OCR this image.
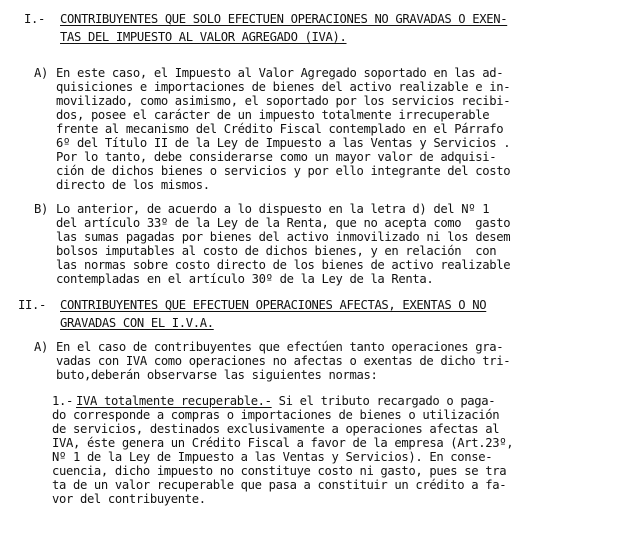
I.- CONTRIBUYENTES QUE SOLO EFECTUEN OPERACIONES NO GRAVADAS O EXEN-
TAS DEL IMPUESTO AL VALOR AGREGADO (IVA).
A) En este caso, el Impuesto al Valor Agregado soportado en las ad-
quisiciones e importaciones de bienes del activo realizable e in-
movilizado, como asimismo, el soportado por los servicios recibi-
dos, posee el carácter de un impuesto totalmente irrecuperable
frente al mecanismo del Crédito Fiscal contemplado en el Párrafo
6º del Título II de la Ley de Impuesto a las Ventas y Servicios .
Por lo tanto, debe considerarse como un mayor valor de adquisi-
ción de dichos bienes o servicios y por ello integrante del costo
directo de los mismos.
B) Lo anterior, de acuerdo a lo dispuesto en la letra d) del Nº 1
del artículo 33º de la Ley de la Renta, que no acepta como  gasto
las sumas pagadas por bienes del activo inmovilizado ni los desem
bolsos imputables al costo de dichos bienes, y en relación  con
las normas sobre costo directo de los bienes de activo realizable
contempladas en el artículo 30º de la Ley de la Renta.
II.- CONTRIBUYENTES QUE EFECTUEN OPERACIONES AFECTAS, EXENTAS O NO
GRAVADAS CON EL I.V.A.
A) En el caso de contribuyentes que efectúen tanto operaciones gra-
vadas con IVA como operaciones no afectas o exentas de dicho tri-
buto,deberán observarse las siguientes normas:
1.- IVA totalmente recuperable.- Si el tributo recargado o paga-
do corresponde a compras o importaciones de bienes o utilización
de servicios, destinados exclusivamente a operaciones afectas al
IVA, éste genera un Crédito Fiscal a favor de la empresa (Art.23º,
Nº 1 de la Ley de Impuesto a las Ventas y Servicios). En conse-
cuencia, dicho impuesto no constituye costo ni gasto, pues se tra
ta de un valor recuperable que pasa a constituir un crédito a fa-
vor del contribuyente.
